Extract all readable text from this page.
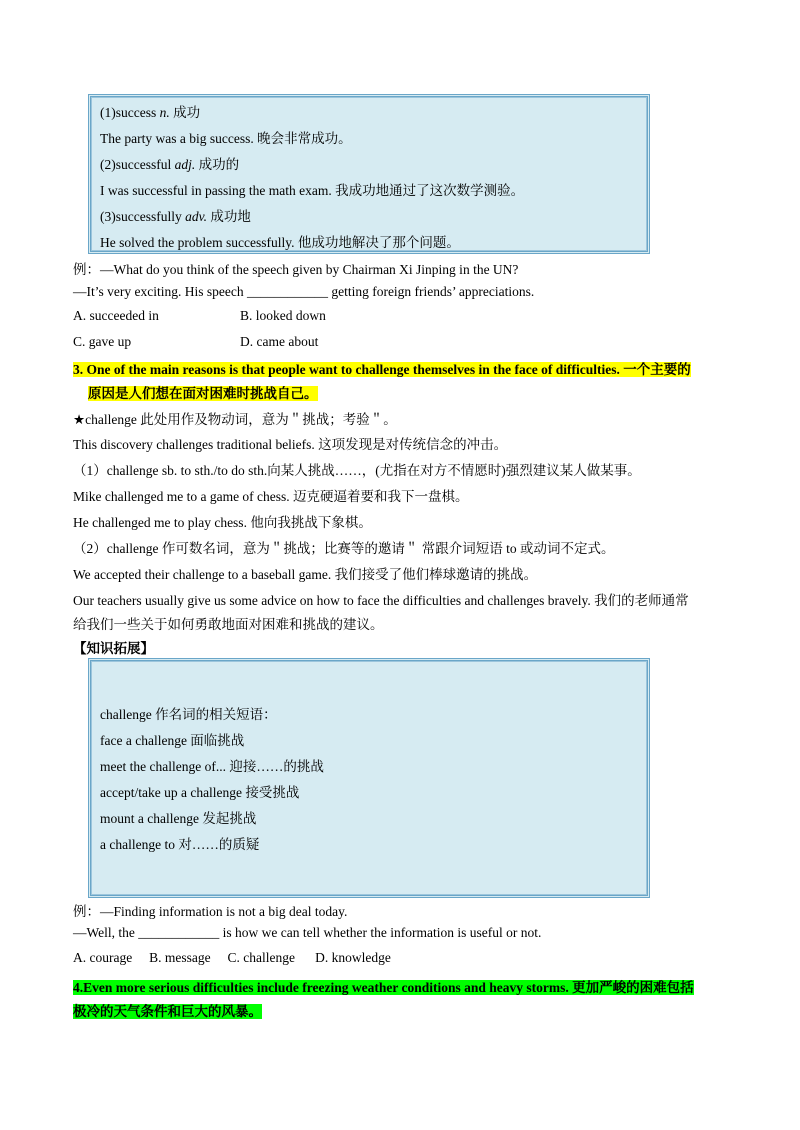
(1)success n. 成功
The party was a big success. 晚会非常成功。
(2)successful adj. 成功的
I was successful in passing the math exam. 我成功地通过了这次数学测验。
(3)successfully adv. 成功地
He solved the problem successfully. 他成功地解决了那个问题。
例：—What do you think of the speech given by Chairman Xi Jinping in the UN?
—It’s very exciting. His speech ____________ getting foreign friends’ appreciations.
A. succeeded in	B. looked down
C. gave up	D. came about
3. One of the main reasons is that people want to challenge themselves in the face of difficulties. 一个主要的
原因是人们想在面对困难时挑战自己。
★challenge 此处用作及物动词，意为＂挑战；考验＂。
This discovery challenges traditional beliefs. 这项发现是对传统信念的冲击。
（1）challenge sb. to sth./to do sth.向某人挑战……，(尤指在对方不情愿时)强烈建议某人做某事。
Mike challenged me to a game of chess. 迈克硬逼着要和我下一盘棋。
He challenged me to play chess. 他向我挑战下象棋。
（2）challenge 作可数名词，意为＂挑战；比赛等的邀请＂ 常跟介词短语 to 或动词不定式。
We accepted their challenge to a baseball game. 我们接受了他们棒球邀请的挑战。
Our teachers usually give us some advice on how to face the difficulties and challenges bravely. 我们的老师通常
给我们一些关于如何勇敢地面对困难和挑战的建议。
【知识拓展】
challenge 作名词的相关短语：
face a challenge 面临挑战
meet the challenge of... 迎接……的挑战
accept/take up a challenge 接受挑战
mount a challenge 发起挑战
a challenge to 对……的质疑
例：—Finding information is not a big deal today.
—Well, the ____________ is how we can tell whether the information is useful or not.
A. courage     B. message     C. challenge      D. knowledge
4.Even more serious difficulties include freezing weather conditions and heavy storms. 更加严峻的困难包括
极冷的天气条件和巨大的风暴。
